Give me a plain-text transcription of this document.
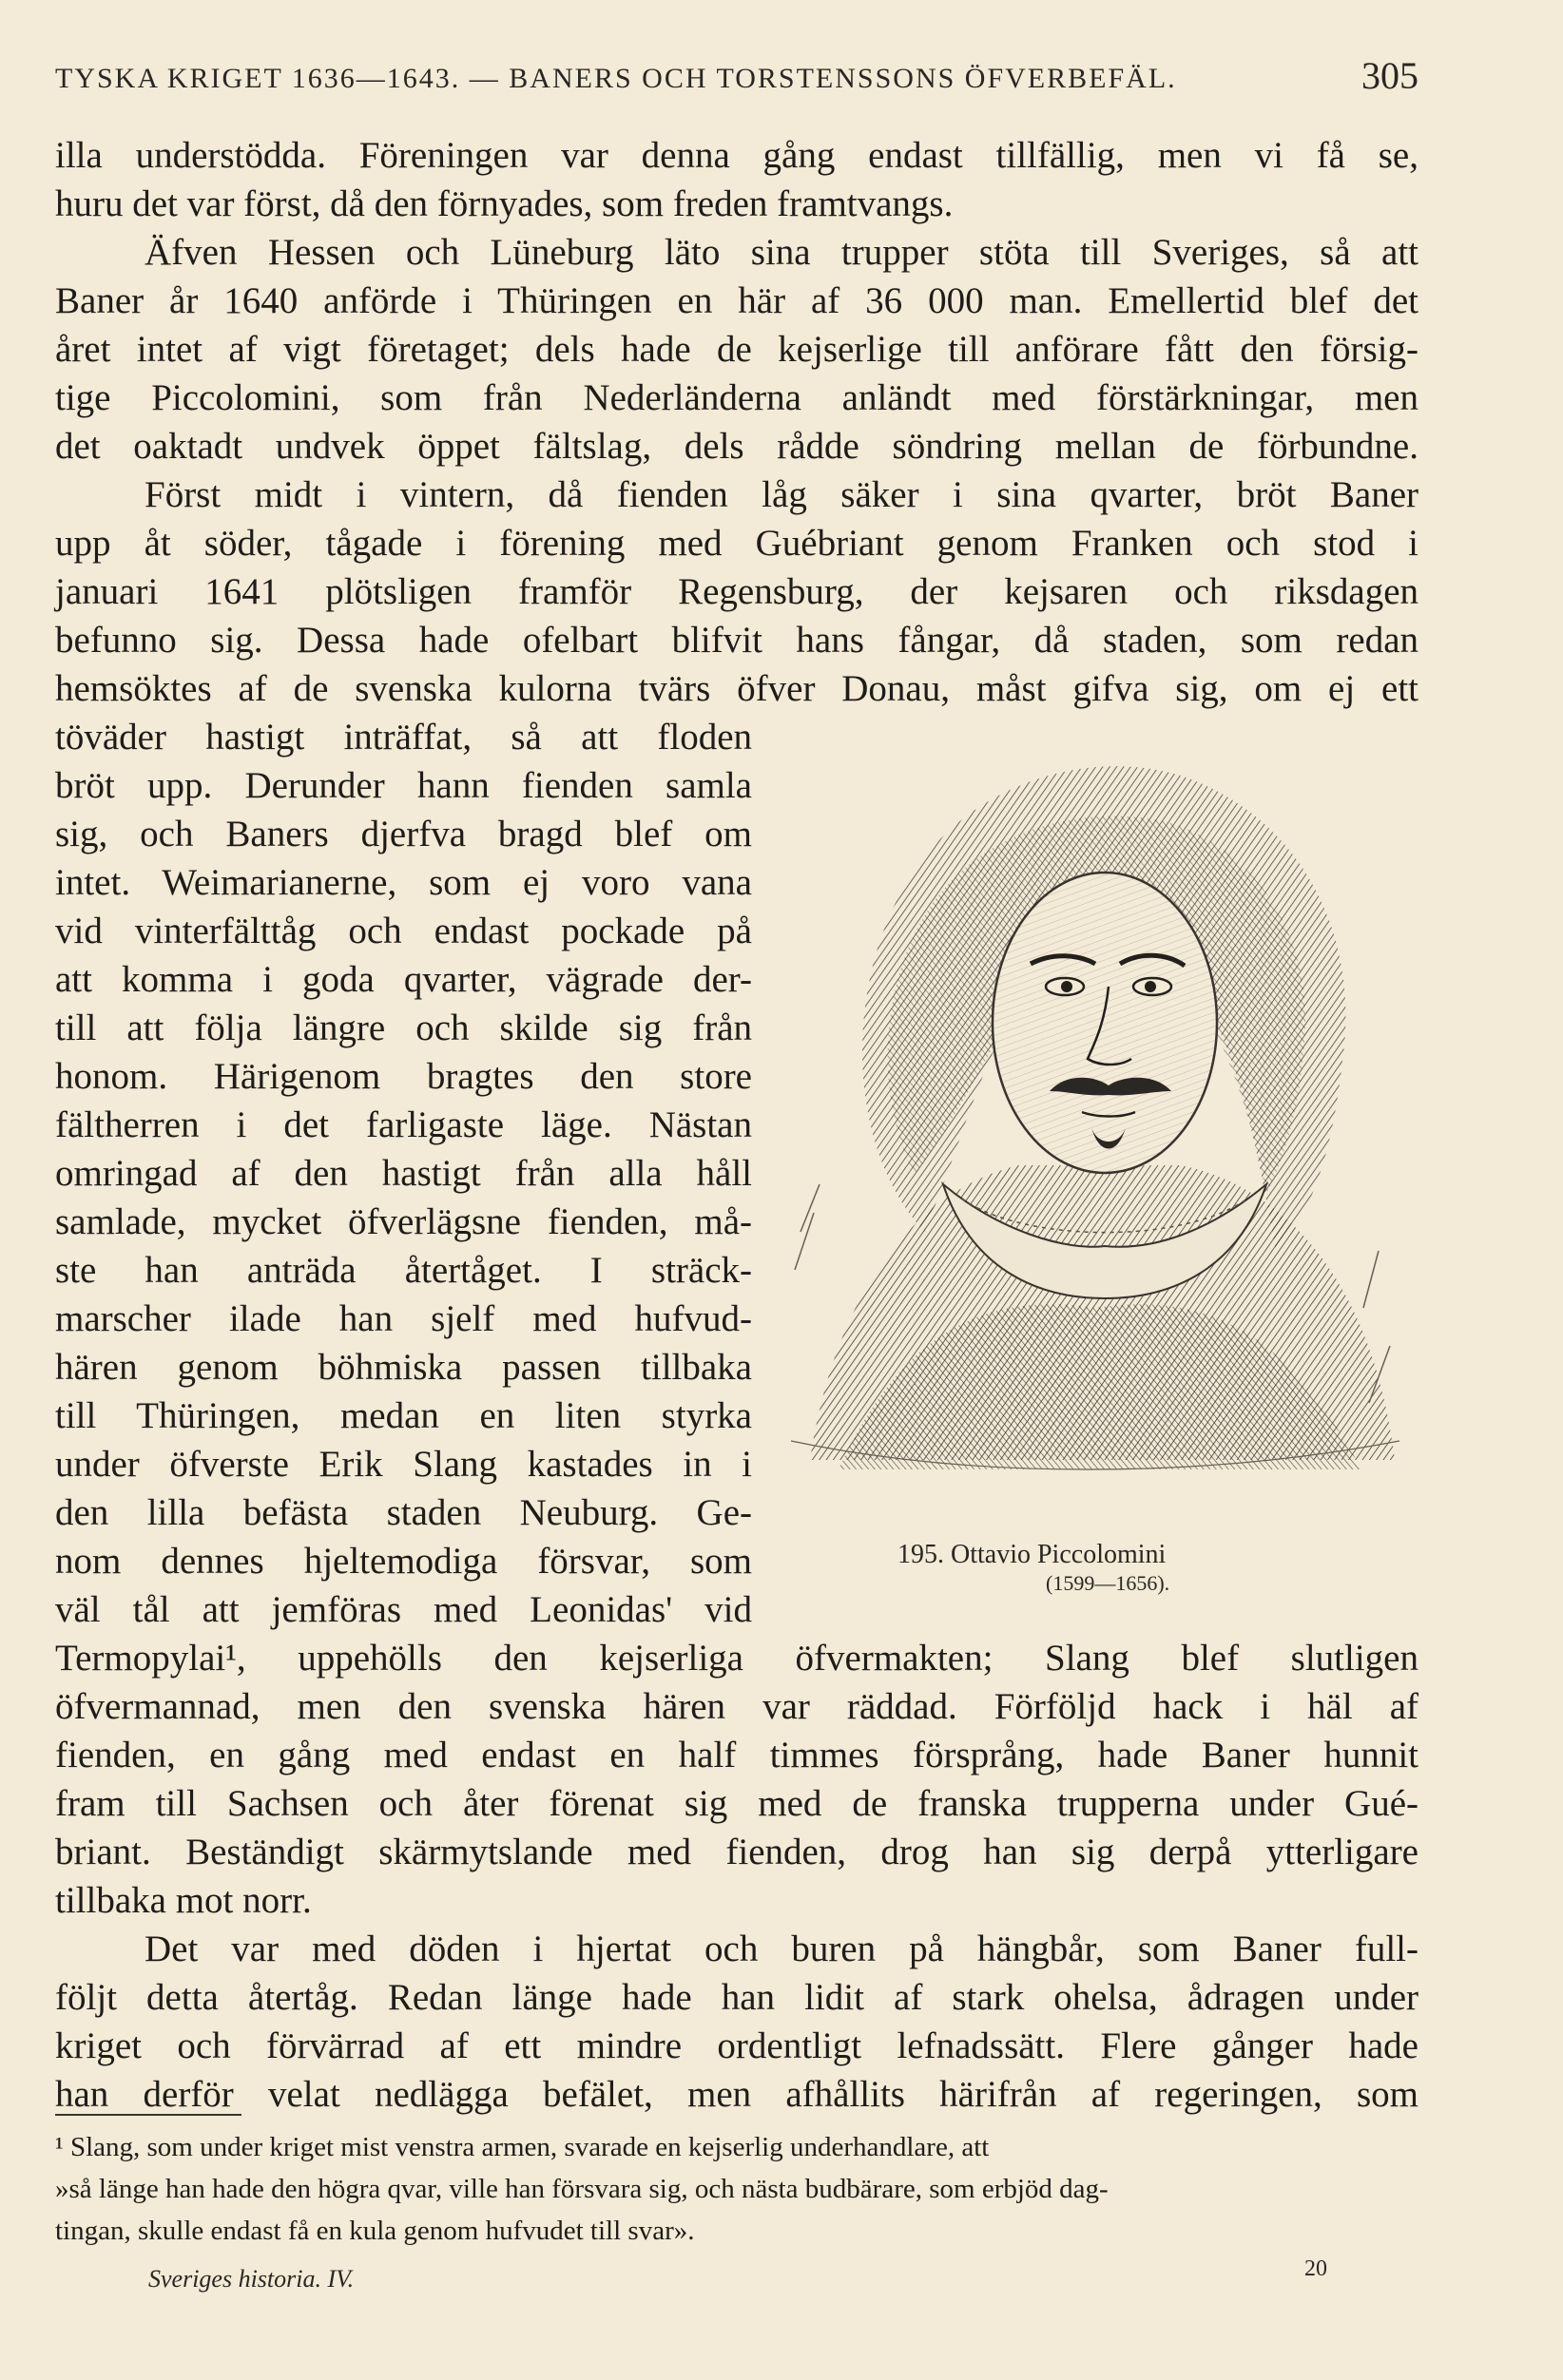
TYSKA KRIGET 1636—1643. — BANERS OCH TORSTENSSONS ÖFVERBEFÄL.	305
illa understödda. Föreningen var denna gång endast tillfällig, men vi få se,
huru det var först, då den förnyades, som freden framtvangs.
Äfven Hessen och Lüneburg läto sina trupper stöta till Sveriges, så att
Baner år 1640 anförde i Thüringen en här af 36 000 man. Emellertid blef det
året intet af vigt företaget; dels hade de kejserlige till anförare fått den försig-
tige Piccolomini, som från Nederländerna anländt med förstärkningar, men
det oaktadt undvek öppet fältslag, dels rådde söndring mellan de förbundne.
Först midt i vintern, då fienden låg säker i sina qvarter, bröt Baner
upp åt söder, tågade i förening med Guébriant genom Franken och stod i
januari 1641 plötsligen framför Regensburg, der kejsaren och riksdagen
befunno sig. Dessa hade ofelbart blifvit hans fångar, då staden, som redan
hemsöktes af de svenska kulorna tvärs öfver Donau, måst gifva sig, om ej ett
töväder hastigt inträffat, så att floden
bröt upp. Derunder hann fienden samla
sig, och Baners djerfva bragd blef om
intet. Weimarianerne, som ej voro vana
vid vinterfälttåg och endast pockade på
att komma i goda qvarter, vägrade der-
till att följa längre och skilde sig från
honom. Härigenom bragtes den store
fältherren i det farligaste läge. Nästan
omringad af den hastigt från alla håll
samlade, mycket öfverlägsne fienden, må-
ste han anträda återtåget. I sträck-
marscher ilade han sjelf med hufvud-
hären genom böhmiska passen tillbaka
till Thüringen, medan en liten styrka
under öfverste Erik Slang kastades in i
den lilla befästa staden Neuburg. Ge-
nom dennes hjeltemodiga försvar, som
väl tål att jemföras med Leonidas' vid
Termopylai¹, uppehölls den kejserliga öfvermakten; Slang blef slutligen
öfvermannad, men den svenska hären var räddad. Förföljd hack i häl af
fienden, en gång med endast en half timmes försprång, hade Baner hunnit
fram till Sachsen och åter förenat sig med de franska trupperna under Gué-
briant. Beständigt skärmytslande med fienden, drog han sig derpå ytterligare
tillbaka mot norr.
Det var med döden i hjertat och buren på hängbår, som Baner full-
följt detta återtåg. Redan länge hade han lidit af stark ohelsa, ådragen under
kriget och förvärrad af ett mindre ordentligt lefnadssätt. Flere gånger hade
han derför velat nedlägga befälet, men afhållits härifrån af regeringen, som
195. Ottavio Piccolomini
(1599—1656).
¹ Slang, som under kriget mist venstra armen, svarade en kejserlig underhandlare, att
»så länge han hade den högra qvar, ville han försvara sig, och nästa budbärare, som erbjöd dag-
tingan, skulle endast få en kula genom hufvudet till svar».
Sveriges historia. IV.	20
